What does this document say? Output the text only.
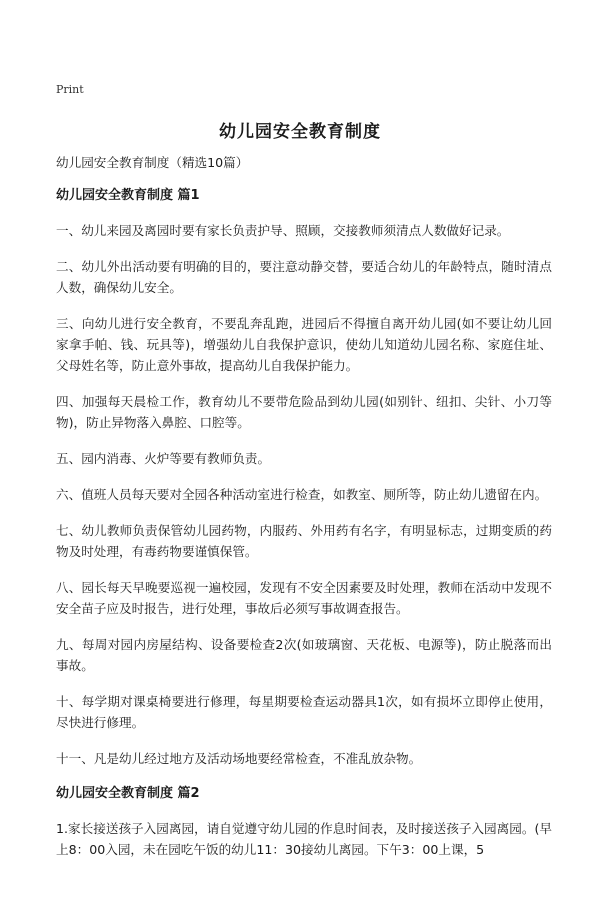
Print
幼儿园安全教育制度

幼儿园安全教育制度（精选10篇）

幼儿园安全教育制度 篇1

一、幼儿来园及离园时要有家长负责护导、照顾，交接教师须清点人数做好记录。

二、幼儿外出活动要有明确的目的，要注意动静交替，要适合幼儿的年龄特点，随时清点人数，确保幼儿安全。

三、向幼儿进行安全教育，不要乱奔乱跑，进园后不得擅自离开幼儿园(如不要让幼儿回家拿手帕、钱、玩具等)，增强幼儿自我保护意识，使幼儿知道幼儿园名称、家庭住址、父母姓名等，防止意外事故，提高幼儿自我保护能力。

四、加强每天晨检工作，教育幼儿不要带危险品到幼儿园(如别针、纽扣、尖针、小刀等物)，防止异物落入鼻腔、口腔等。

五、园内消毒、火炉等要有教师负责。

六、值班人员每天要对全园各种活动室进行检查，如教室、厕所等，防止幼儿遗留在内。

七、幼儿教师负责保管幼儿园药物，内服药、外用药有名字，有明显标志，过期变质的药物及时处理，有毒药物要谨慎保管。

八、园长每天早晚要巡视一遍校园，发现有不安全因素要及时处理，教师在活动中发现不安全苗子应及时报告，进行处理，事故后必须写事故调查报告。

九、每周对园内房屋结构、设备要检查2次(如玻璃窗、天花板、电源等)，防止脱落而出事故。

十、每学期对课桌椅要进行修理，每星期要检查运动器具1次，如有损坏立即停止使用，尽快进行修理。

十一、凡是幼儿经过地方及活动场地要经常检查，不准乱放杂物。

幼儿园安全教育制度 篇2

1.家长接送孩子入园离园，请自觉遵守幼儿园的作息时间表，及时接送孩子入园离园。(早上8：00入园，未在园吃午饭的幼儿11：30接幼儿离园。下午3：00上课，5
